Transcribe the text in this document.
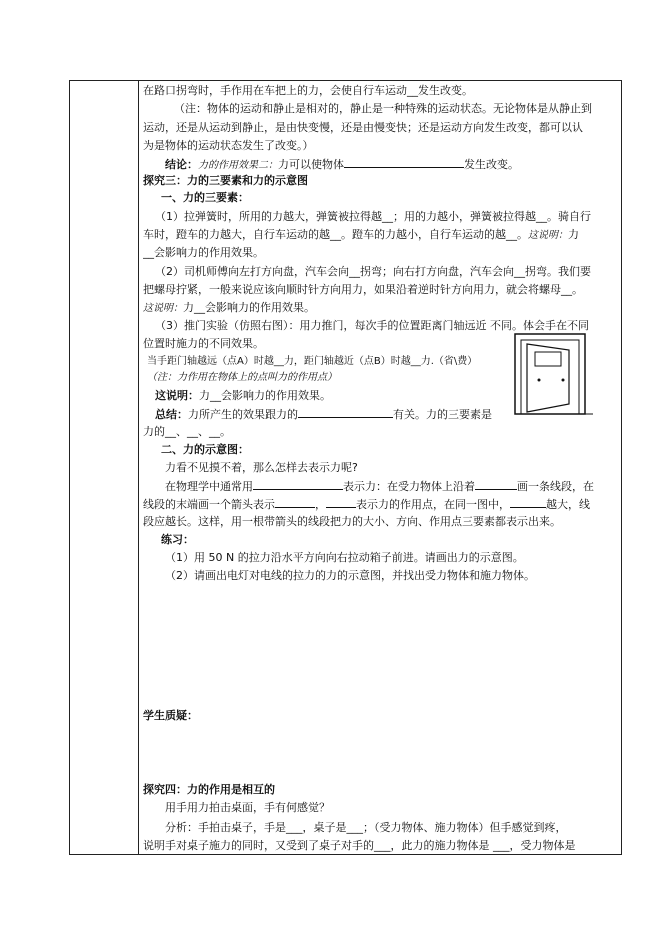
在路口拐弯时，手作用在车把上的力，会使自行车运动__发生改变。
（注：物体的运动和静止是相对的，静止是一种特殊的运动状态。无论物体是从静止到
运动，还是从运动到静止，是由快变慢，还是由慢变快；还是运动方向发生改变，都可以认
为是物体的运动状态发生了改变。）
结论：力的作用效果二：力可以使物体	发生改变。
探究三：力的三要素和力的示意图
一、力的三要素：
（1）拉弹簧时，所用的力越大，弹簧被拉得越__；用的力越小，弹簧被拉得越__。骑自行
车时，蹬车的力越大，自行车运动的越__。蹬车的力越小，自行车运动的越__。这说明：力
__会影响力的作用效果。
（2）司机师傅向左打方向盘，汽车会向__拐弯；向右打方向盘，汽车会向__拐弯。我们要
把螺母拧紧，一般来说应该向顺时针方向用力，如果沿着逆时针方向用力，就会将螺母__。
这说明：力__会影响力的作用效果。
（3）推门实验（仿照右图）：用力推门，每次手的位置距离门轴远近 不同。体会手在不同
位置时施力的不同效果。
当手距门轴越远（点A）时越__力，距门轴越近（点B）时越__力.（省\费）
（注：力作用在物体上的点叫力的作用点）
这说明：力__会影响力的作用效果。
总结：力所产生的效果跟力的	有关。力的三要素是
力的__、__、__。
二、力的示意图：
力看不见摸不着，那么怎样去表示力呢?
在物理学中通常用	表示力：在受力物体上沿着	画一条线段，在
线段的末端画一个箭头表示	，	表示力的作用点，在同一图中，	越大，线
段应越长。这样，用一根带箭头的线段把力的大小、方向、作用点三要素都表示出来。
练习：
（1）用 50 N 的拉力沿水平方向向右拉动箱子前进。请画出力的示意图。
（2）请画出电灯对电线的拉力的力的示意图，并找出受力物体和施力物体。
学生质疑：
探究四：力的作用是相互的
用手用力拍击桌面，手有何感觉？
分析：手拍击桌子，手是___，桌子是___；（受力物体、施力物体）但手感觉到疼，
说明手对桌子施力的同时，又受到了桌子对手的___，此力的施力物体是 ___，受力物体是
